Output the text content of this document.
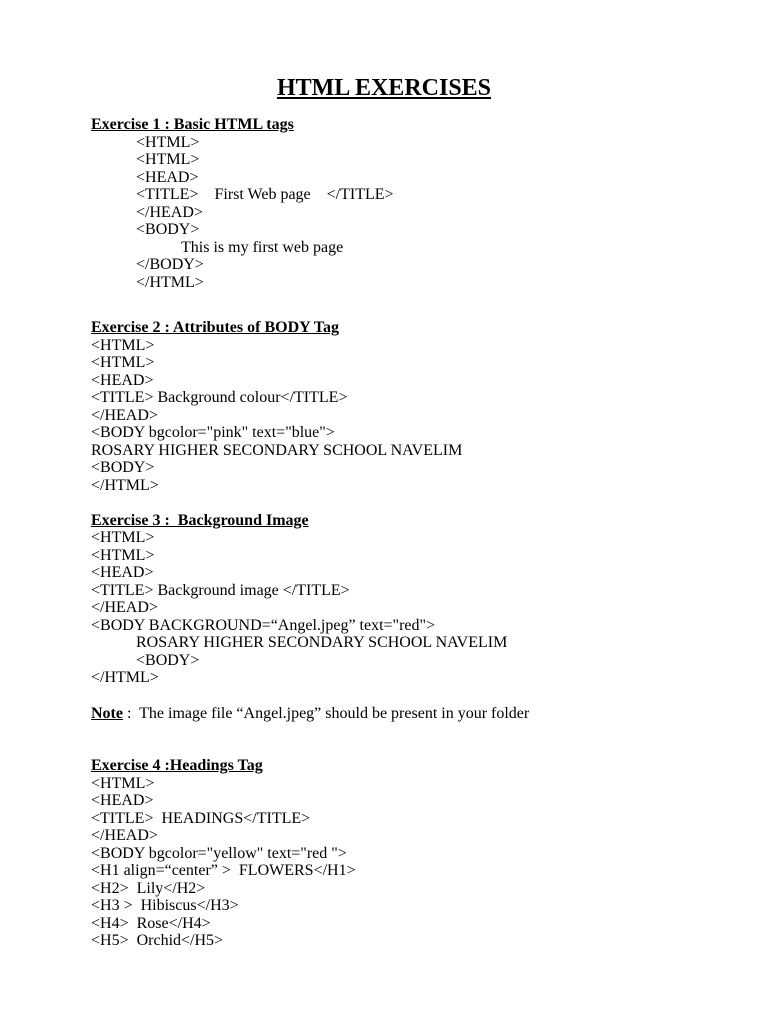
HTML EXERCISES
Exercise 1 : Basic HTML tags
<HTML>
<HTML>
<HEAD>
<TITLE>    First Web page    </TITLE>
</HEAD>
<BODY>
This is my first web page
</BODY>
</HTML>
Exercise 2 : Attributes of BODY Tag
<HTML>
<HTML>
<HEAD>
<TITLE> Background colour</TITLE>
</HEAD>
<BODY bgcolor="pink" text="blue">
ROSARY HIGHER SECONDARY SCHOOL NAVELIM
<BODY>
</HTML>
Exercise 3 :  Background Image
<HTML>
<HTML>
<HEAD>
<TITLE> Background image </TITLE>
</HEAD>
<BODY BACKGROUND=“Angel.jpeg” text="red">
ROSARY HIGHER SECONDARY SCHOOL NAVELIM
<BODY>
</HTML>
Note :  The image file “Angel.jpeg” should be present in your folder
Exercise 4 :Headings Tag
<HTML>
<HEAD>
<TITLE>  HEADINGS</TITLE>
</HEAD>
<BODY bgcolor="yellow" text="red ">
<H1 align=“center” >  FLOWERS</H1>
<H2>  Lily</H2>
<H3 >  Hibiscus</H3>
<H4>  Rose</H4>
<H5>  Orchid</H5>
